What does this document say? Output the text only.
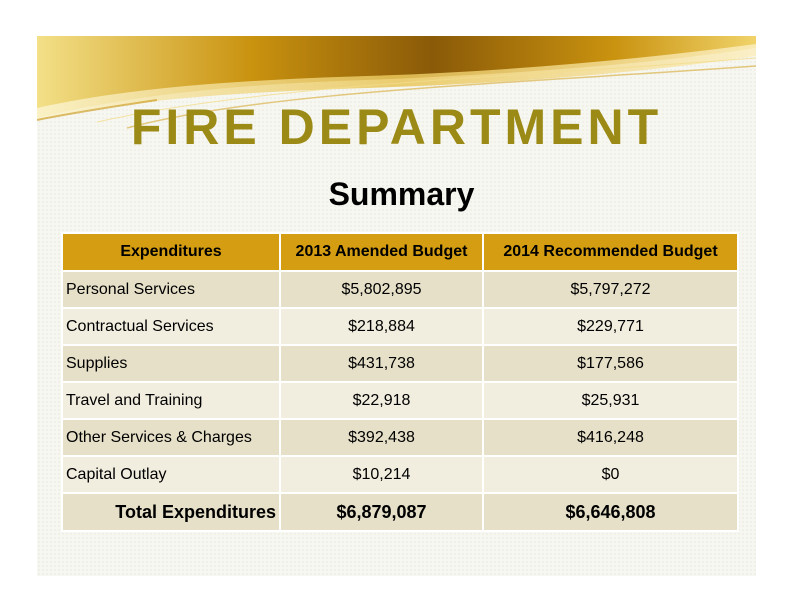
FIRE DEPARTMENT
Summary
Expenditures	2013 Amended Budget	2014 Recommended Budget
Personal Services	$5,802,895	$5,797,272
Contractual Services	$218,884	$229,771
Supplies	$431,738	$177,586
Travel and Training	$22,918	$25,931
Other Services & Charges	$392,438	$416,248
Capital Outlay	$10,214	$0
Total Expenditures	$6,879,087	$6,646,808
